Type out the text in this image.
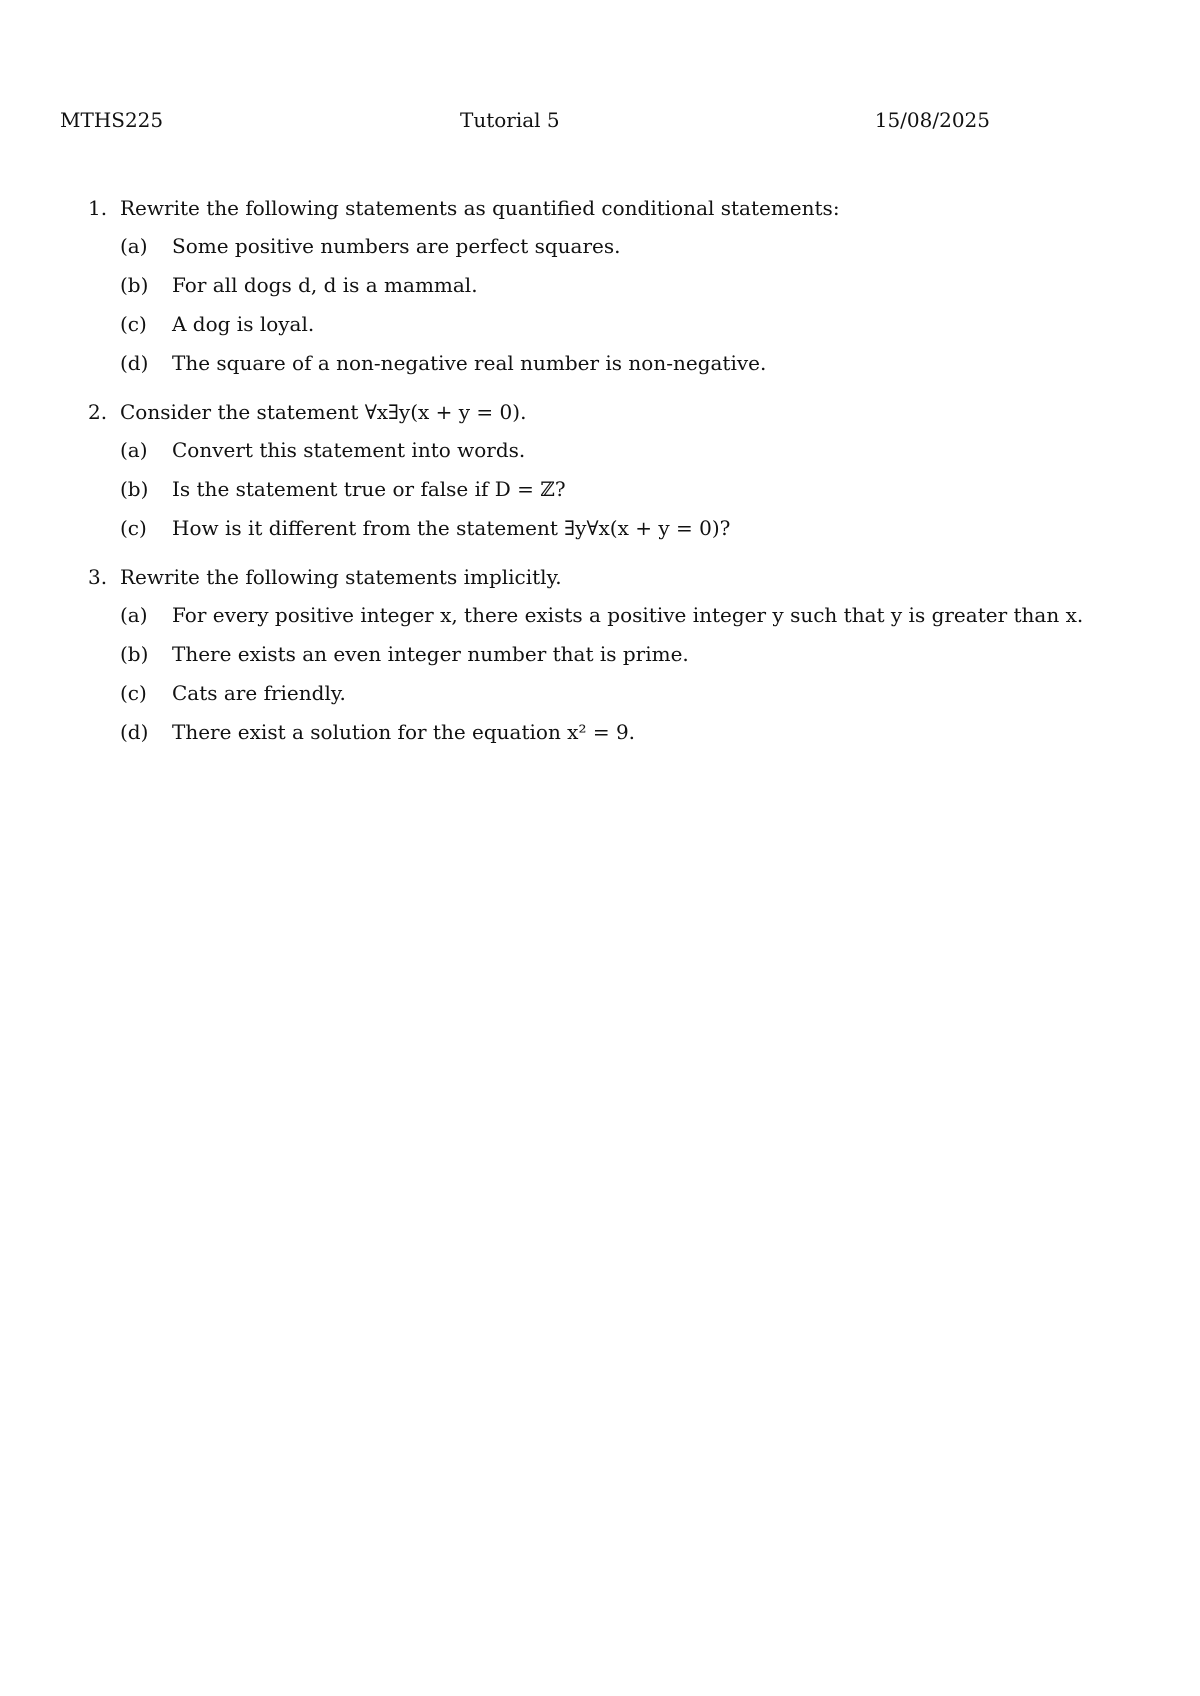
MTHS225	Tutorial 5	15/08/2025
1. Rewrite the following statements as quantified conditional statements:
(a) Some positive numbers are perfect squares.
(b) For all dogs d, d is a mammal.
(c) A dog is loyal.
(d) The square of a non-negative real number is non-negative.
2. Consider the statement ∀x∃y(x + y = 0).
(a) Convert this statement into words.
(b) Is the statement true or false if D = ℤ?
(c) How is it different from the statement ∃y∀x(x + y = 0)?
3. Rewrite the following statements implicitly.
(a) For every positive integer x, there exists a positive integer y such that y is greater than x.
(b) There exists an even integer number that is prime.
(c) Cats are friendly.
(d) There exist a solution for the equation x² = 9.
